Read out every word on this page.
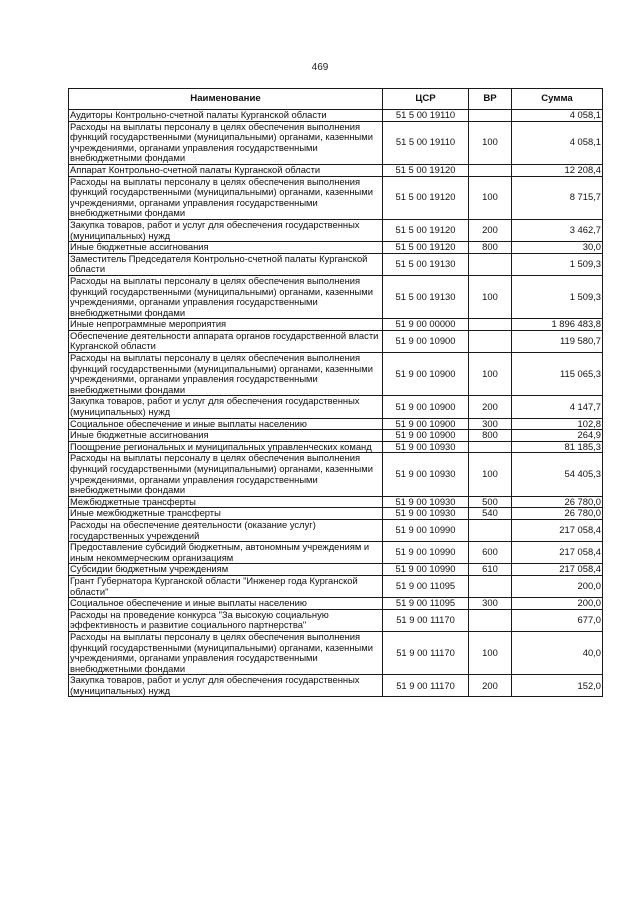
469
Наименование	ЦСР	ВР	Сумма
Аудиторы Контрольно-счетной палаты Курганской области	51 5 00 19110		4 058,1
Расходы на выплаты персоналу в целях обеспечения выполнения функций государственными (муниципальными) органами, казенными учреждениями, органами управления государственными внебюджетными фондами	51 5 00 19110	100	4 058,1
Аппарат Контрольно-счетной палаты Курганской области	51 5 00 19120		12 208,4
Расходы на выплаты персоналу в целях обеспечения выполнения функций государственными (муниципальными) органами, казенными учреждениями, органами управления государственными внебюджетными фондами	51 5 00 19120	100	8 715,7
Закупка товаров, работ и услуг для обеспечения государственных (муниципальных) нужд	51 5 00 19120	200	3 462,7
Иные бюджетные ассигнования	51 5 00 19120	800	30,0
Заместитель Председателя Контрольно-счетной палаты Курганской области	51 5 00 19130		1 509,3
Расходы на выплаты персоналу в целях обеспечения выполнения функций государственными (муниципальными) органами, казенными учреждениями, органами управления государственными внебюджетными фондами	51 5 00 19130	100	1 509,3
Иные непрограммные мероприятия	51 9 00 00000		1 896 483,8
Обеспечение деятельности аппарата органов государственной власти Курганской области	51 9 00 10900		119 580,7
Расходы на выплаты персоналу в целях обеспечения выполнения функций государственными (муниципальными) органами, казенными учреждениями, органами управления государственными внебюджетными фондами	51 9 00 10900	100	115 065,3
Закупка товаров, работ и услуг для обеспечения государственных (муниципальных) нужд	51 9 00 10900	200	4 147,7
Социальное обеспечение и иные выплаты населению	51 9 00 10900	300	102,8
Иные бюджетные ассигнования	51 9 00 10900	800	264,9
Поощрение региональных и муниципальных управленческих команд	51 9 00 10930		81 185,3
Расходы на выплаты персоналу в целях обеспечения выполнения функций государственными (муниципальными) органами, казенными учреждениями, органами управления государственными внебюджетными фондами	51 9 00 10930	100	54 405,3
Межбюджетные трансферты	51 9 00 10930	500	26 780,0
Иные межбюджетные трансферты	51 9 00 10930	540	26 780,0
Расходы на обеспечение деятельности (оказание услуг) государственных учреждений	51 9 00 10990		217 058,4
Предоставление субсидий бюджетным, автономным учреждениям и иным некоммерческим организациям	51 9 00 10990	600	217 058,4
Субсидии бюджетным учреждениям	51 9 00 10990	610	217 058,4
Грант Губернатора Курганской области "Инженер года Курганской области"	51 9 00 11095		200,0
Социальное обеспечение и иные выплаты населению	51 9 00 11095	300	200,0
Расходы на проведение конкурса "За высокую социальную эффективность и развитие социального партнерства"	51 9 00 11170		677,0
Расходы на выплаты персоналу в целях обеспечения выполнения функций государственными (муниципальными) органами, казенными учреждениями, органами управления государственными внебюджетными фондами	51 9 00 11170	100	40,0
Закупка товаров, работ и услуг для обеспечения государственных (муниципальных) нужд	51 9 00 11170	200	152,0
